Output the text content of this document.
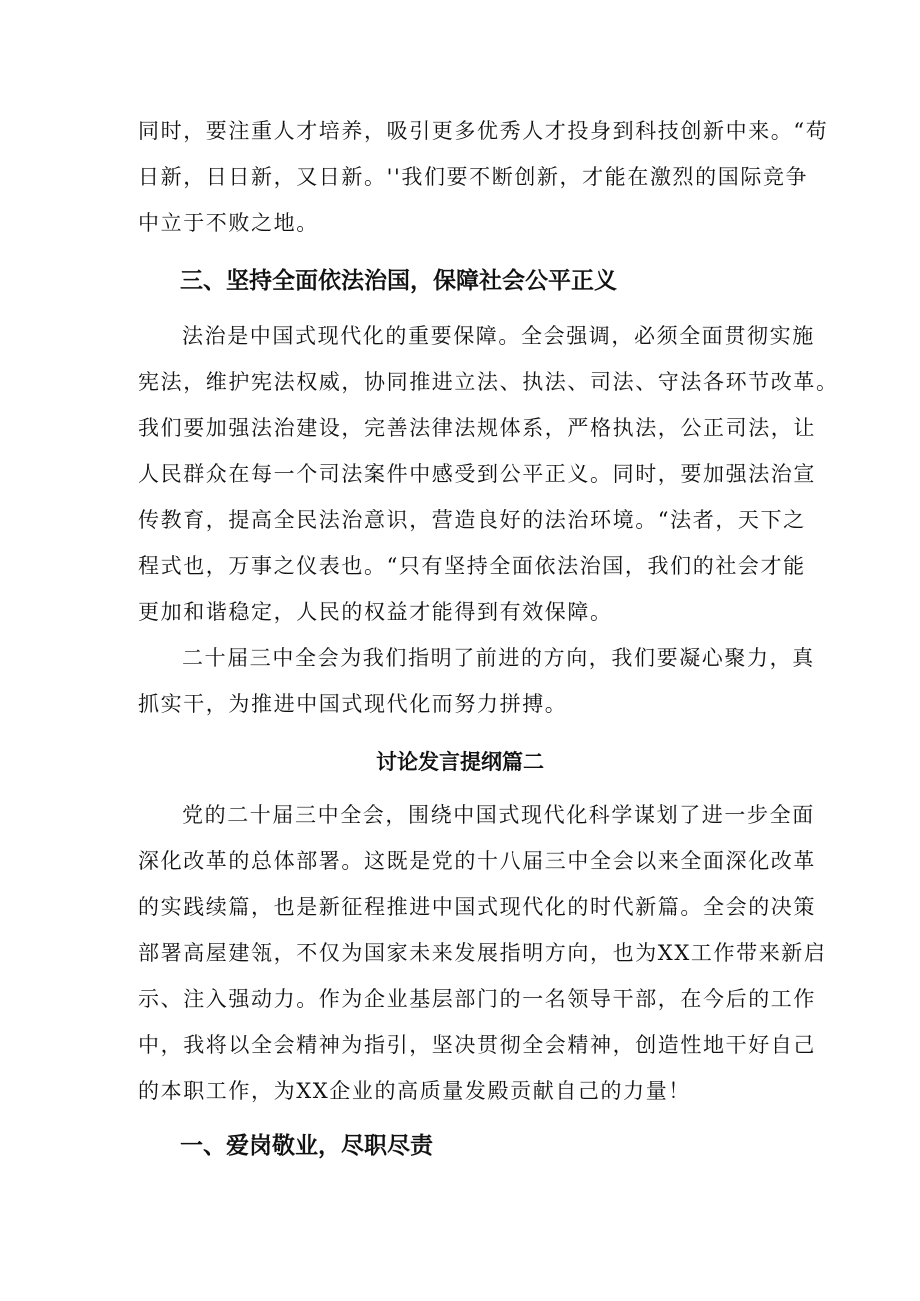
同时，要注重人才培养，吸引更多优秀人才投身到科技创新中来。“苟
日新，日日新，又日新。''我们要不断创新，才能在激烈的国际竞争
中立于不败之地。
三、坚持全面依法治国，保障社会公平正义
法治是中国式现代化的重要保障。全会强调，必须全面贯彻实施
宪法，维护宪法权威，协同推进立法、执法、司法、守法各环节改革。
我们要加强法治建设，完善法律法规体系，严格执法，公正司法，让
人民群众在每一个司法案件中感受到公平正义。同时，要加强法治宣
传教育，提高全民法治意识，营造良好的法治环境。“法者，天下之
程式也，万事之仪表也。“只有坚持全面依法治国，我们的社会才能
更加和谐稳定，人民的权益才能得到有效保障。
二十届三中全会为我们指明了前进的方向，我们要凝心聚力，真
抓实干，为推进中国式现代化而努力拼搏。
讨论发言提纲篇二
党的二十届三中全会，围绕中国式现代化科学谋划了进一步全面
深化改革的总体部署。这既是党的十八届三中全会以来全面深化改革
的实践续篇，也是新征程推进中国式现代化的时代新篇。全会的决策
部署高屋建瓴，不仅为国家未来发展指明方向，也为XX工作带来新启
示、注入强动力。作为企业基层部门的一名领导干部，在今后的工作
中，我将以全会精神为指引，坚决贯彻全会精神，创造性地干好自己
的本职工作，为XX企业的高质量发殿贡献自己的力量！
一、爱岗敬业，尽职尽责
